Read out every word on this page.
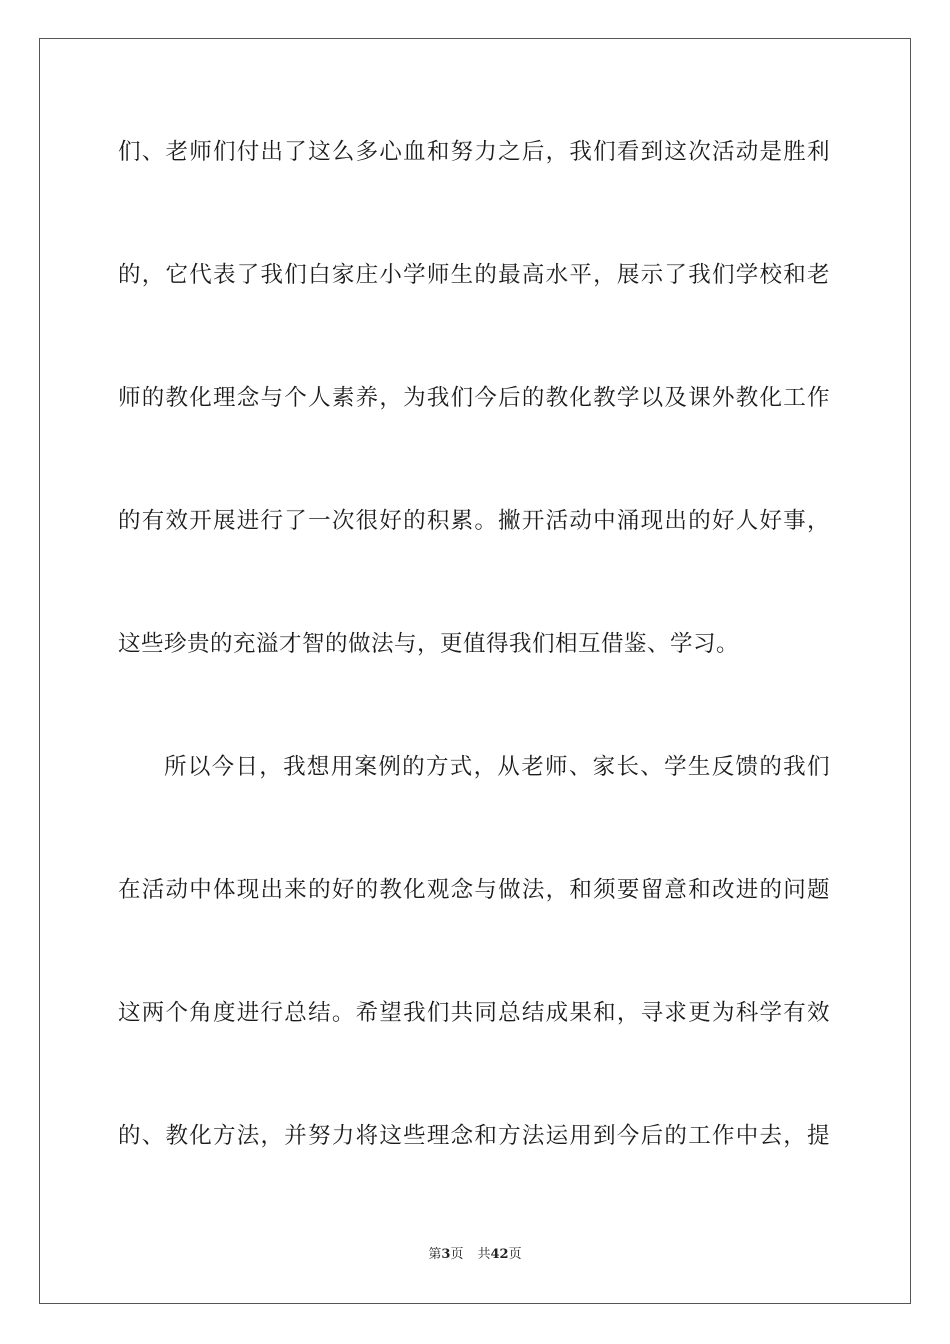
们、老师们付出了这么多心血和努力之后，我们看到这次活动是胜利
的，它代表了我们白家庄小学师生的最高水平，展示了我们学校和老
师的教化理念与个人素养，为我们今后的教化教学以及课外教化工作
的有效开展进行了一次很好的积累。撇开活动中涌现出的好人好事，
这些珍贵的充溢才智的做法与，更值得我们相互借鉴、学习。
所以今日，我想用案例的方式，从老师、家长、学生反馈的我们
在活动中体现出来的好的教化观念与做法，和须要留意和改进的问题
这两个角度进行总结。希望我们共同总结成果和，寻求更为科学有效
的、教化方法，并努力将这些理念和方法运用到今后的工作中去，提
第3页 共42页
